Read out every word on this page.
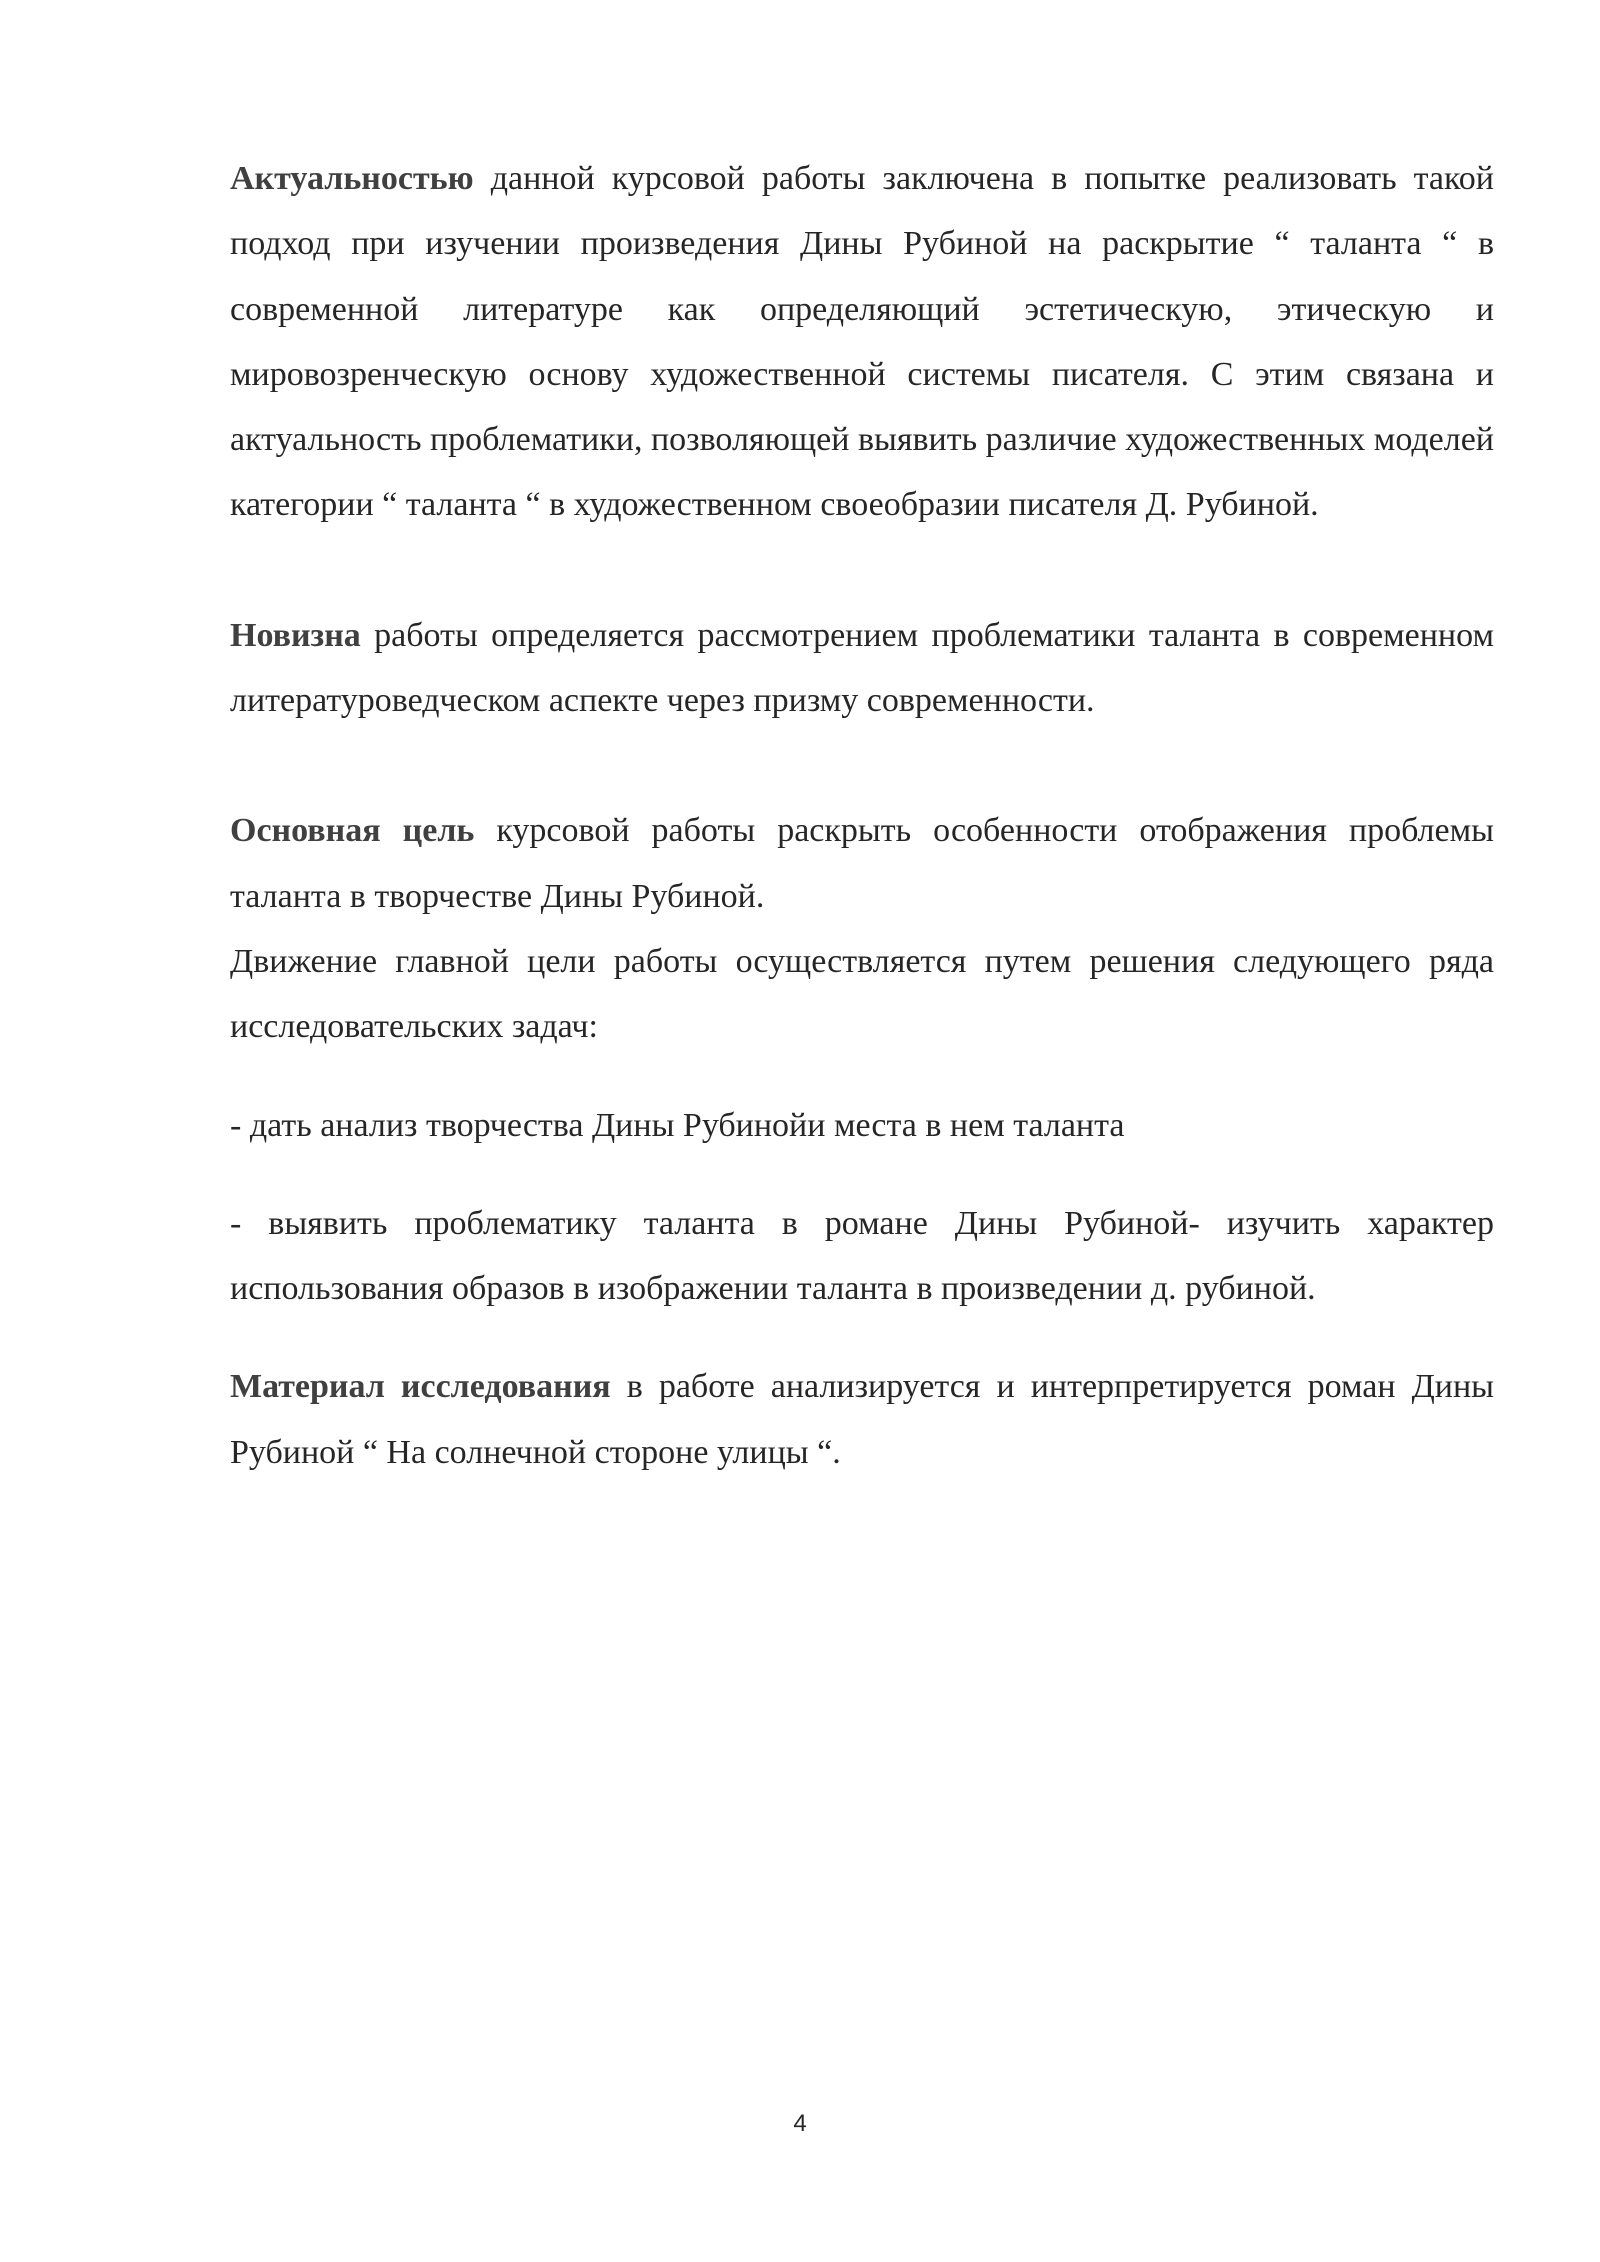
Актуальностью данной курсовой работы заключена в попытке реализовать такой подход при изучении произведения Дины Рубиной на раскрытие “ таланта “ в современной литературе как определяющий эстетическую, этическую и мировозренческую основу художественной системы писателя. С этим связана и актуальность проблематики, позволяющей выявить различие художественных моделей категории “ таланта “ в художественном своеобразии писателя Д. Рубиной.

Новизна работы определяется рассмотрением проблематики таланта в современном литературоведческом аспекте через призму современности.

Основная цель курсовой работы раскрыть особенности отображения проблемы таланта в творчестве Дины Рубиной.

Движение главной цели работы осуществляется путем решения следующего ряда исследовательских задач:

- дать анализ творчества Дины Рубинойи места в нем таланта

- выявить проблематику таланта в романе Дины Рубиной- изучить характер использования образов в изображении таланта в произведении д. рубиной.

Материал исследования в работе анализируется и интерпретируется роман Дины Рубиной “ На солнечной стороне улицы “.

4
